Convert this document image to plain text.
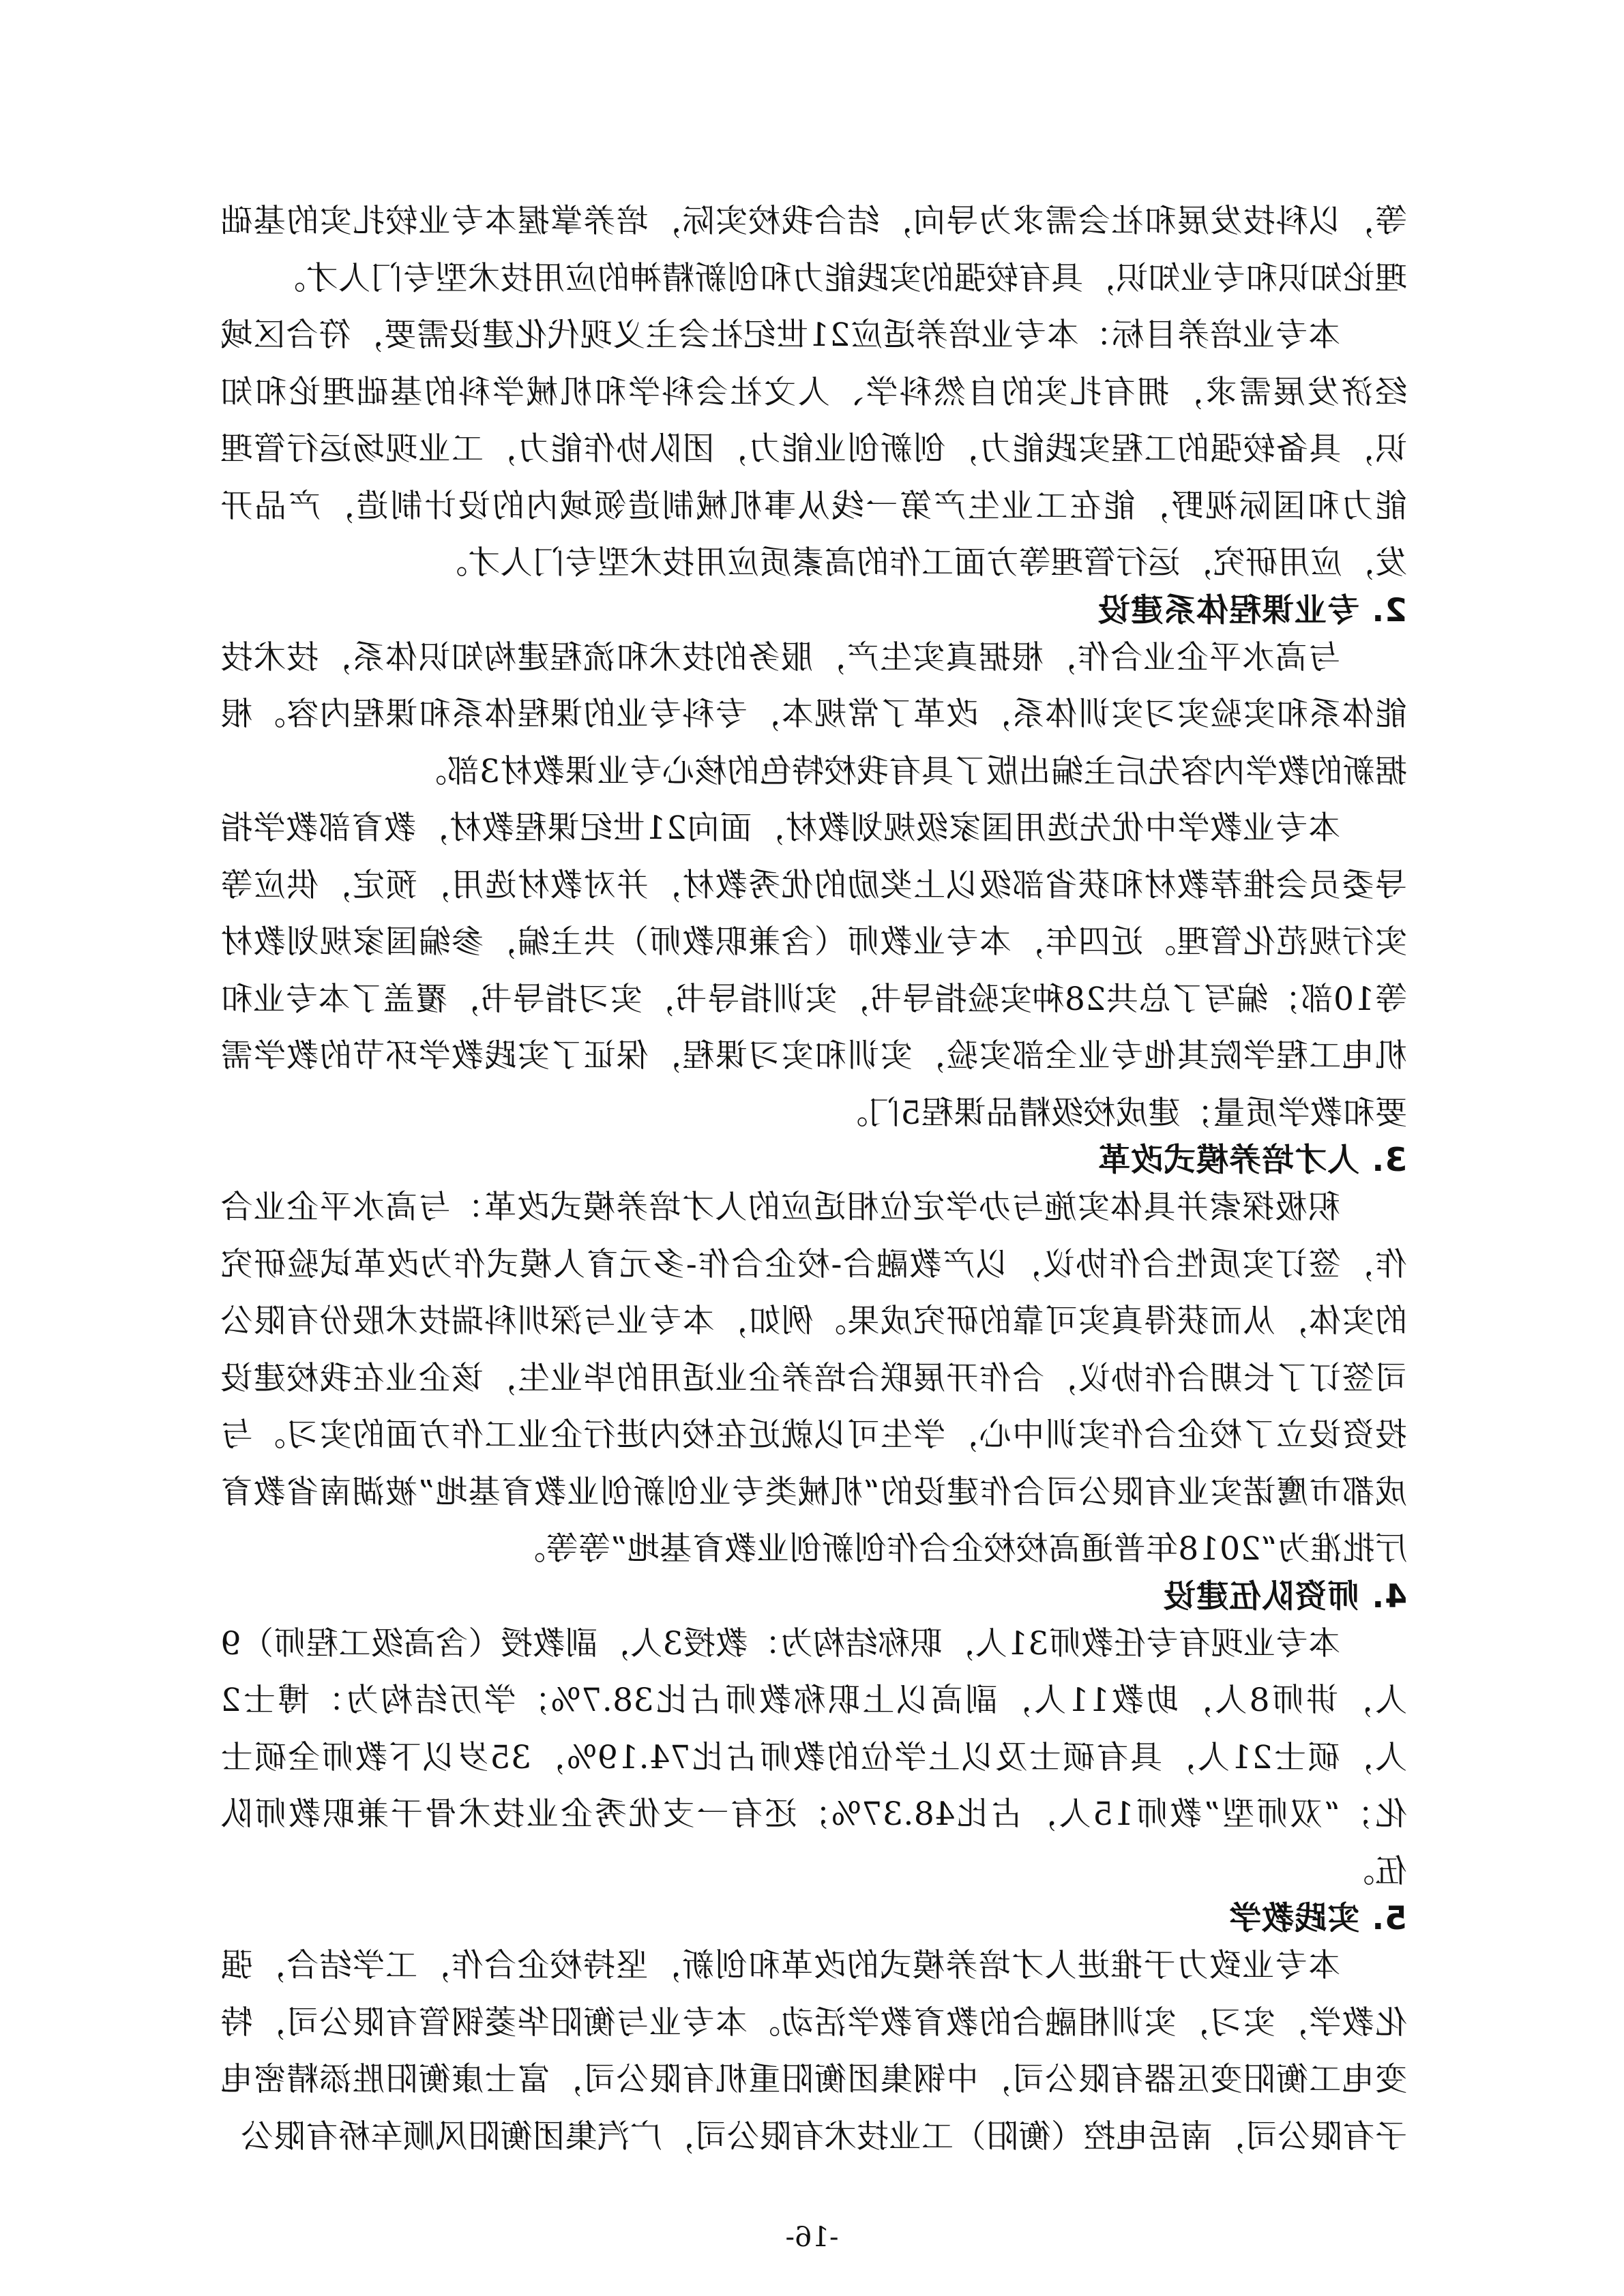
等，以科技发展和社会需求为导向，结合我校实际，培养掌握本专业较扎实的基础理论知识和专业知识，具有较强的实践能力和创新精神的应用技术型专门人才。

本专业培养目标：本专业培养适应21世纪社会主义现代化建设需要，符合区域经济发展需求，拥有扎实的自然科学、人文社会科学和机械学科的基础理论和知识，具备较强的工程实践能力，创新创业能力，团队协作能力，工业现场运行管理能力和国际视野，能在工业生产第一线从事机械制造领域内的设计制造，产品开发，应用研究，运行管理等方面工作的高素质应用技术型专门人才。

2. 专业课程体系建设

与高水平企业合作，根据真实生产，服务的技术和流程建构知识体系，技术技能体系和实验实习实训体系，改革了常规本，专科专业的课程体系和课程内容。根据新的教学内容先后主编出版了具有我校特色的核心专业课教材3部。

本专业教学中优先选用国家级规划教材，面向21世纪课程教材，教育部教学指导委员会推荐教材和获省部级以上奖励的优秀教材，并对教材选用，预定，供应等实行规范化管理。近四年，本专业教师（含兼职教师）共主编，参编国家规划教材等10部；编写了总共28种实验指导书，实训指导书，实习指导书，覆盖了本专业和机电工程学院其他专业全部实验，实训和实习课程，保证了实践教学环节的教学需要和教学质量；建成校级精品课程5门。

3. 人才培养模式改革

积极探索并具体实施与办学定位相适应的人才培养模式改革：与高水平企业合作，签订实质性合作协议，以产教融合-校企合作-多元育人模式作为改革试验研究的实体，从而获得真实可靠的研究成果。例如，本专业与深圳科瑞技术股份有限公司签订了长期合作协议，合作开展联合培养企业适用的毕业生，该企业在我校建设投资设立了校企合作实训中心，学生可以就近在校内进行企业工作方面的实习。与成都市鹰诺实业有限公司合作建设的“机械类专业创新创业教育基地”被湖南省教育厅批准为“2018年普通高校校企合作创新创业教育基地”等等。

4. 师资队伍建设

本专业现有专任教师31人，职称结构为：教授3人，副教授（含高级工程师）9人，讲师8人，助教11人，副高以上职称教师占比38.7%；学历结构为：博士2人，硕士21人，具有硕士及以上学位的教师占比74.19%，35岁以下教师全硕士化；“双师型”教师15人，占比48.37%；还有一支优秀企业技术骨干兼职教师队伍。

5. 实践教学

本专业致力于推进人才培养模式的改革和创新，坚持校企合作，工学结合，强化教学，实习，实训相融合的教育教学活动。本专业与衡阳华菱钢管有限公司，特变电工衡阳变压器有限公司，中钢集团衡阳重机有限公司，富士康衡阳胜添精密电子有限公司，南岳电控（衡阳）工业技术有限公司，广汽集团衡阳风顺车桥有限公

-16-
